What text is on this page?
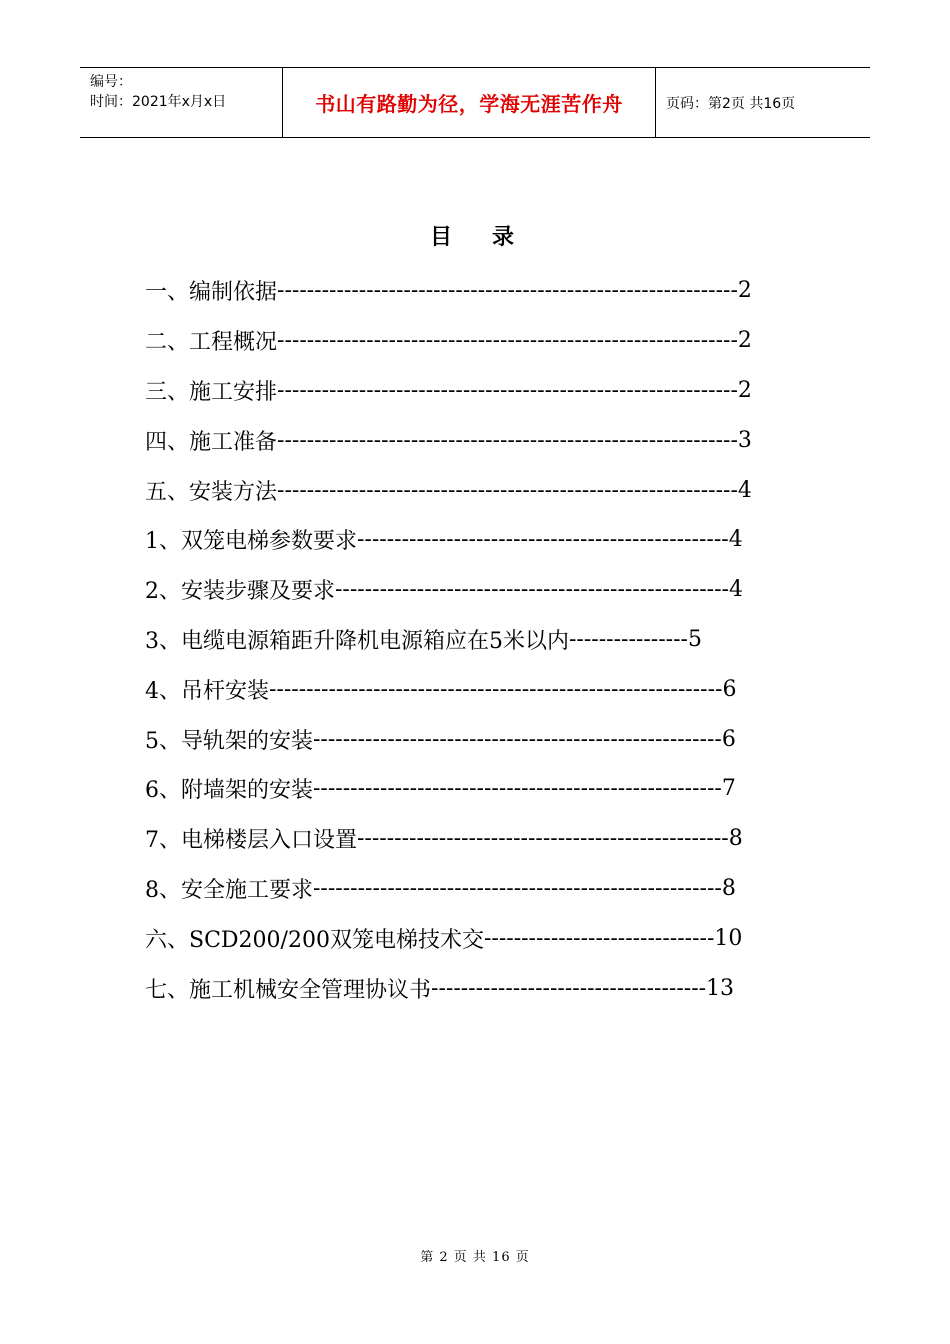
编号：
时间：2021年x月x日	书山有路勤为径，学海无涯苦作舟	页码：第2页 共16页
目 录
一、编制依据 -------------------------------------------------------------- 2
二、工程概况 -------------------------------------------------------------- 2
三、施工安排 -------------------------------------------------------------- 2
四、施工准备 -------------------------------------------------------------- 3
五、安装方法 -------------------------------------------------------------- 4
1、双笼电梯参数要求 -------------------------------------------------- 4
2、安装步骤及要求 ----------------------------------------------------- 4
3、电缆电源箱距升降机电源箱应在5米以内 ---------------- 5
4、吊杆安装 ------------------------------------------------------------- 6
5、导轨架的安装 ------------------------------------------------------- 6
6、附墙架的安装 ------------------------------------------------------- 7
7、电梯楼层入口设置 -------------------------------------------------- 8
8、安全施工要求 ------------------------------------------------------- 8
六、SCD200/200双笼电梯技术交 ------------------------------- 10
七、施工机械安全管理协议书 ------------------------------------- 13
第 2 页 共 16 页
